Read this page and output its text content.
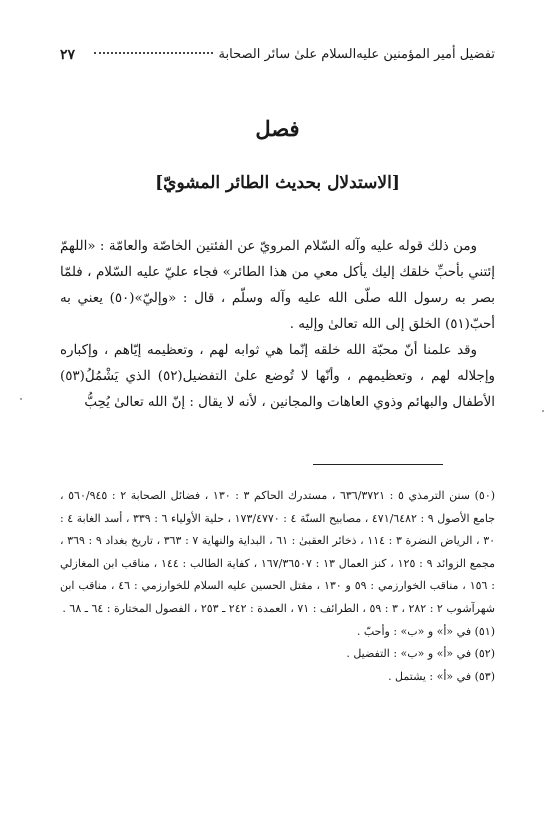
تفضيل أمير المؤمنين عليه‌السلام علىٰ سائر الصحابة
٢٧
فصل
[الاستدلال بحديث الطائر المشويّ]

ومن ذلك قوله عليه وآله السّلام المرويّ عن الفئتين الخاصّة والعامّة : «اللهمّ إئتني بأحبِّ خلقك إليك يأكل معي من هذا الطائر» فجاء عليّ عليه السّلام ، فلمّا بصر به رسول الله صلّى الله عليه وآله وسلّم ، قال : «وإليّ»(٥٠) يعني به أحبّ(٥١) الخلق إلى الله تعالىٰ وإليه .

وقد علمنا أنّ محبّة الله خلقه إنّما هي ثوابه لهم ، وتعظيمه إيّاهم ، وإكباره وإجلاله لهم ، وتعظيمهم ، وأنّها لا تُوضع علىٰ التفضيل(٥٢) الذي يَشْمُلُ(٥٣) الأطفال والبهائم وذوي العاهات والمجانين ، لأنه لا يقال : إنّ الله تعالىٰ يُحِبُّ

(٥٠) سنن الترمذي ٥ : ٦٣٦/٣٧٢١ ، مستدرك الحاكم ٣ : ١٣٠ ، فضائل الصحابة ٢ : ٥٦٠/٩٤٥ ، جامع الأصول ٩ : ٤٧١/٦٤٨٢ ، مصابيح السنّة ٤ : ١٧٣/٤٧٧٠ ، حلية الأولياء ٦ : ٣٣٩ ، أسد الغابة ٤ : ٣٠ ، الرياض النضرة ٣ : ١١٤ ، ذخائر العقبىٰ : ٦١ ، البداية والنهاية ٧ : ٣٦٣ ، تاريخ بغداد ٩ : ٣٦٩ ، مجمع الزوائد ٩ : ١٢٥ ، كنز العمال ١٣ : ١٦٧/٣٦٥٠٧ ، كفاية الطالب : ١٤٤ ، مناقب ابن المغازلي : ١٥٦ ، مناقب الخوارزمي : ٥٩ و ١٣٠ ، مقتل الحسين عليه السلام للخوارزمي : ٤٦ ، مناقب ابن شهرآشوب ٢ : ٢٨٢ ، ٣ : ٥٩ ، الطرائف : ٧١ ، العمدة : ٢٤٢ ـ ٢٥٣ ، الفصول المختارة : ٦٤ ـ ٦٨ .

(٥١) في «أ» و «ب» : وأحبّ .

(٥٢) في «أ» و «ب» : التفضيل .

(٥٣) في «أ» : يشتمل .
